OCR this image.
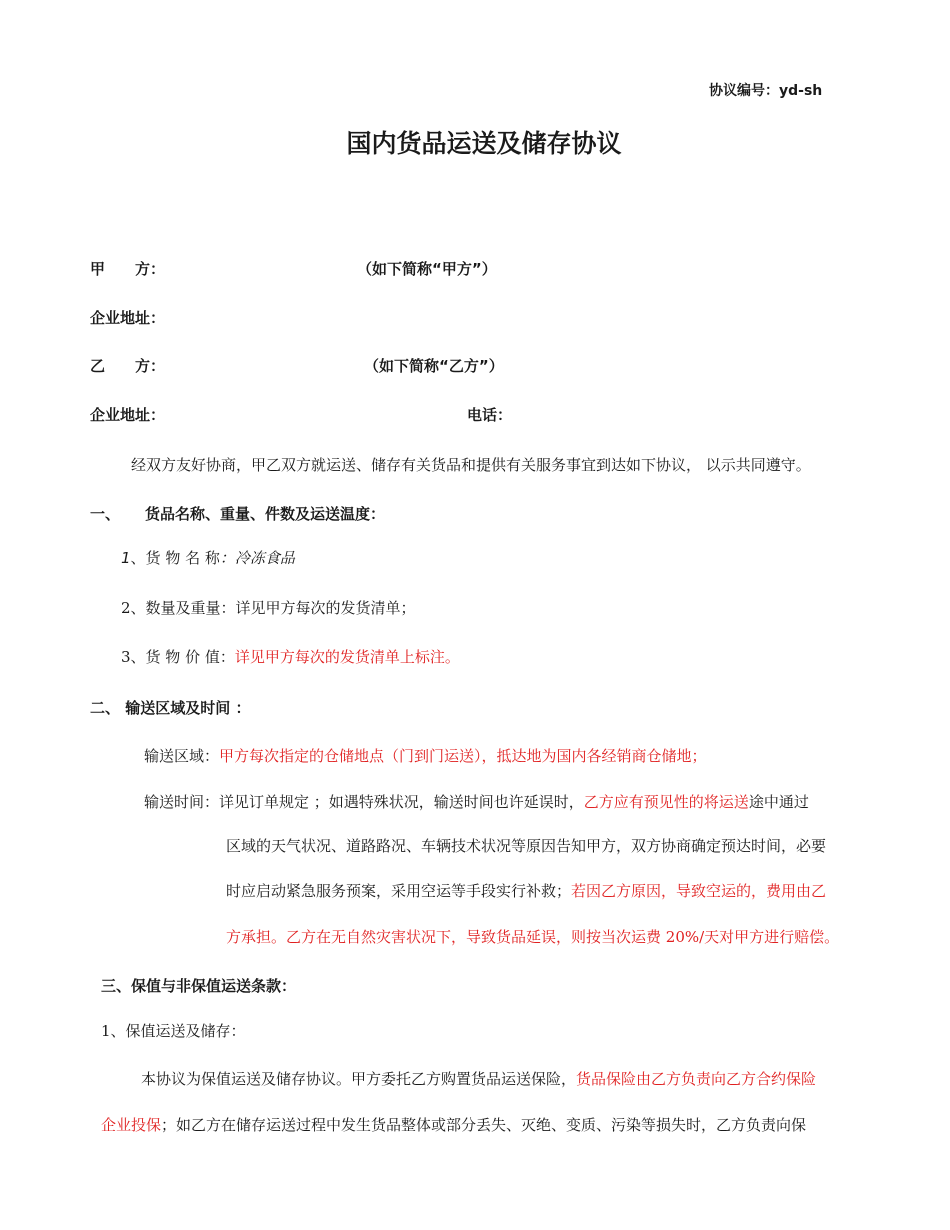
协议编号：yd-sh
国内货品运送及储存协议
甲　　方：	（如下简称“甲方”）
企业地址：
乙　　方：	（如下简称“乙方”）
企业地址：	电话：
经双方友好协商，甲乙双方就运送、储存有关货品和提供有关服务事宜到达如下协议， 以示共同遵守。
一、 货品名称、重量、件数及运送温度：
1、货 物 名 称：冷冻食品
2、数量及重量：详见甲方每次的发货清单；
3、货 物 价 值：详见甲方每次的发货清单上标注。
二、 输送区域及时间 ：
输送区域：甲方每次指定的仓储地点（门到门运送），抵达地为国内各经销商仓储地；
输送时间：详见订单规定 ；如遇特殊状况，输送时间也许延误时，乙方应有预见性的将运送途中通过
区域的天气状况、道路路况、车辆技术状况等原因告知甲方，双方协商确定预达时间，必要
时应启动紧急服务预案，采用空运等手段实行补救；若因乙方原因，导致空运的，费用由乙
方承担。乙方在无自然灾害状况下，导致货品延误，则按当次运费 20%/天对甲方进行赔偿。
三、保值与非保值运送条款：
1、保值运送及储存：
本协议为保值运送及储存协议。甲方委托乙方购置货品运送保险，货品保险由乙方负责向乙方合约保险
企业投保；如乙方在储存运送过程中发生货品整体或部分丢失、灭绝、变质、污染等损失时，乙方负责向保
